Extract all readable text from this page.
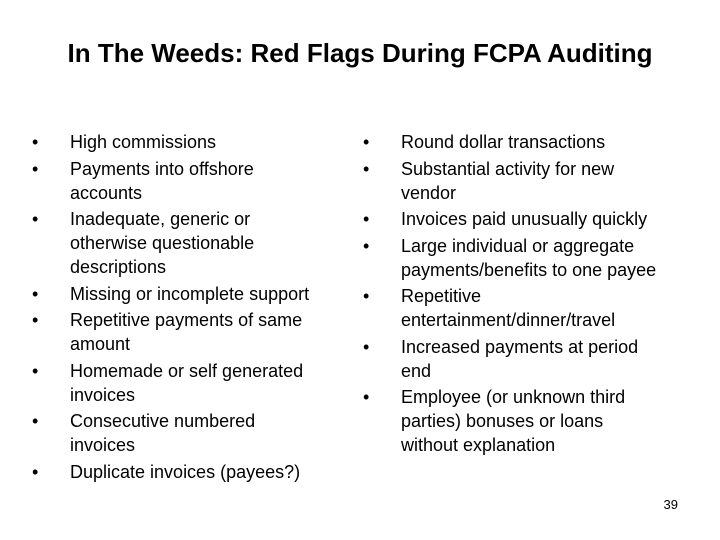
In The Weeds: Red Flags During FCPA Auditing
•	High commissions
•	Payments into offshore accounts
•	Inadequate, generic or otherwise questionable descriptions
•	Missing or incomplete support
•	Repetitive payments of same amount
•	Homemade or self generated invoices
•	Consecutive numbered invoices
•	Duplicate invoices (payees?)
•	Round dollar transactions
•	Substantial activity for new vendor
•	Invoices paid unusually quickly
•	Large individual or aggregate payments/benefits to one payee
•	Repetitive entertainment/dinner/travel
•	Increased payments at period end
•	Employee (or unknown third parties) bonuses or loans without explanation
39
